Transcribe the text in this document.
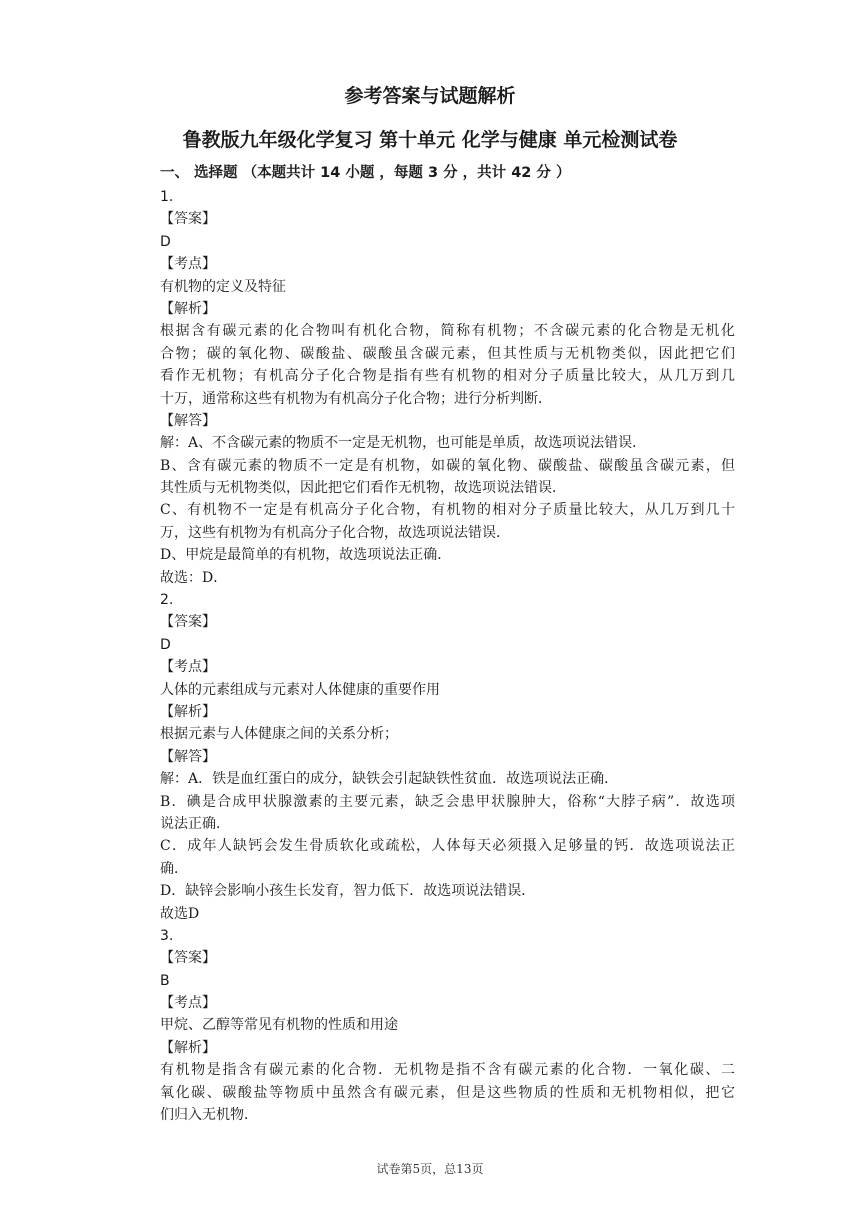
参考答案与试题解析
鲁教版九年级化学复习 第十单元 化学与健康 单元检测试卷
一、 选择题 （本题共计 14 小题 ，每题 3 分 ，共计 42 分 ）
1.
【答案】
D
【考点】
有机物的定义及特征
【解析】
根据含有碳元素的化合物叫有机化合物，简称有机物；不含碳元素的化合物是无机化
合物；碳的氧化物、碳酸盐、碳酸虽含碳元素，但其性质与无机物类似，因此把它们
看作无机物；有机高分子化合物是指有些有机物的相对分子质量比较大，从几万到几
十万，通常称这些有机物为有机高分子化合物；进行分析判断．
【解答】
解：A、不含碳元素的物质不一定是无机物，也可能是单质，故选项说法错误．
B、含有碳元素的物质不一定是有机物，如碳的氧化物、碳酸盐、碳酸虽含碳元素，但
其性质与无机物类似，因此把它们看作无机物，故选项说法错误．
C、有机物不一定是有机高分子化合物，有机物的相对分子质量比较大，从几万到几十
万，这些有机物为有机高分子化合物，故选项说法错误．
D、甲烷是最简单的有机物，故选项说法正确．
故选：D．
2.
【答案】
D
【考点】
人体的元素组成与元素对人体健康的重要作用
【解析】
根据元素与人体健康之间的关系分析；
【解答】
解：A．铁是血红蛋白的成分，缺铁会引起缺铁性贫血．故选项说法正确．
B．碘是合成甲状腺激素的主要元素，缺乏会患甲状腺肿大，俗称“大脖子病”．故选项
说法正确．
C．成年人缺钙会发生骨质软化或疏松，人体每天必须摄入足够量的钙．故选项说法正
确．
D．缺锌会影响小孩生长发育，智力低下．故选项说法错误．
故选D
3.
【答案】
B
【考点】
甲烷、乙醇等常见有机物的性质和用途
【解析】
有机物是指含有碳元素的化合物．无机物是指不含有碳元素的化合物．一氧化碳、二
氧化碳、碳酸盐等物质中虽然含有碳元素，但是这些物质的性质和无机物相似，把它
们归入无机物．
试卷第5页，总13页
